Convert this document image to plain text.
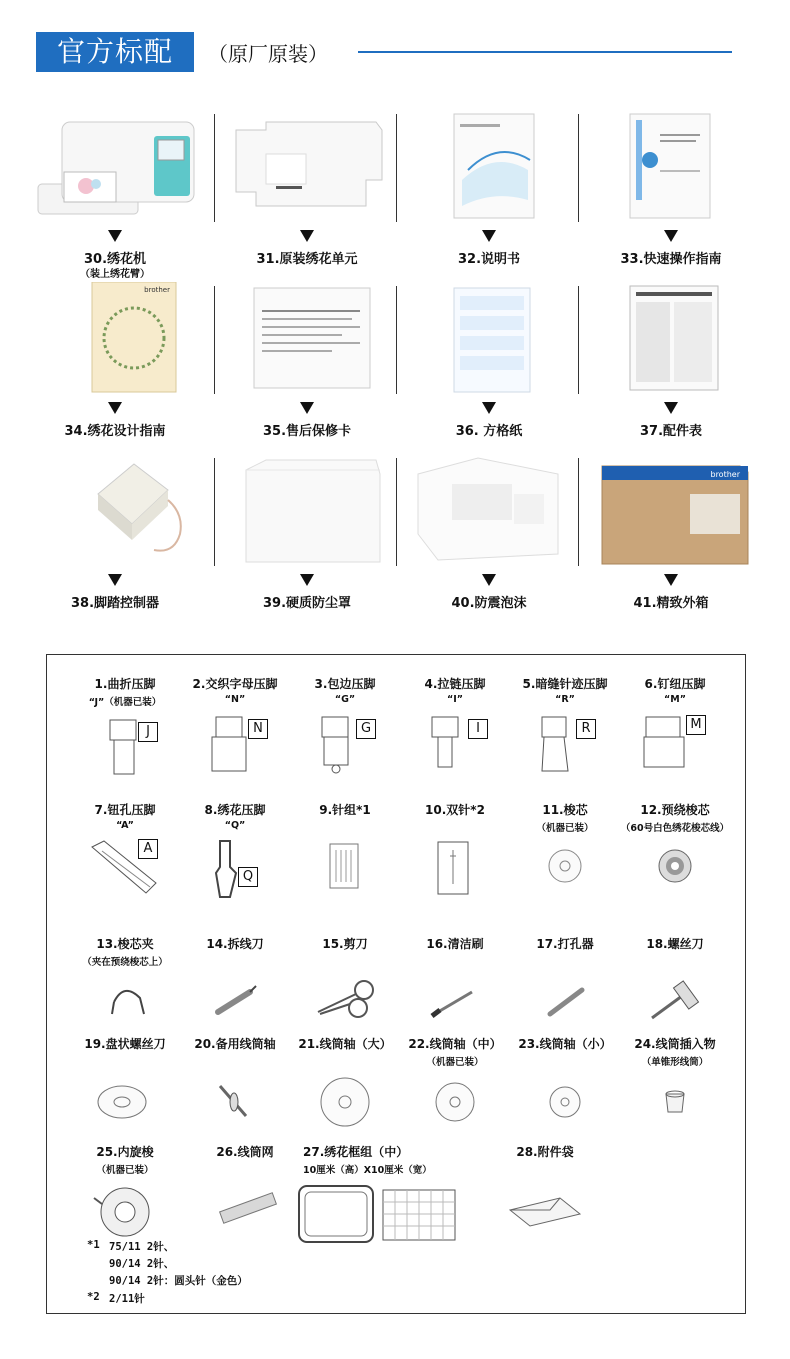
官方标配	（原厂原装）
30.绣花机
（装上绣花臂）
31.原装绣花单元	32.说明书	33.快速操作指南
brother
34.绣花设计指南	35.售后保修卡	36. 方格纸	37.配件表
38.脚踏控制器	39.硬质防尘罩	40.防震泡沫
brother
41.精致外箱
1.曲折压脚
“J”（机器已装）
J
2.交织字母压脚
“N”
N
3.包边压脚
“G”
G
4.拉链压脚
“I”
I
5.暗缝针迹压脚
“R”
R
6.钉纽压脚
“M”
M
7.钮孔压脚
“A”
A
8.绣花压脚
“Q”
Q
9.针组*1	10.双针*2	11.梭芯
（机器已装）
12.预绕梭芯
（60号白色绣花梭芯线）
13.梭芯夹
（夹在预绕梭芯上）
14.拆线刀	15.剪刀	16.清洁刷	17.打孔器	18.螺丝刀
19.盘状螺丝刀	20.备用线筒轴	21.线筒轴（大）	22.线筒轴（中）
（机器已装）
23.线筒轴（小）	24.线筒插入物
（单锥形线筒）
25.内旋梭
（机器已装）
26.线筒网	27.绣花框组（中）
10厘米（高）X10厘米（宽）
28.附件袋
*1 75/11 2针、
90/14 2针、
90/14 2针：圆头针（金色）
*2 2/11针
